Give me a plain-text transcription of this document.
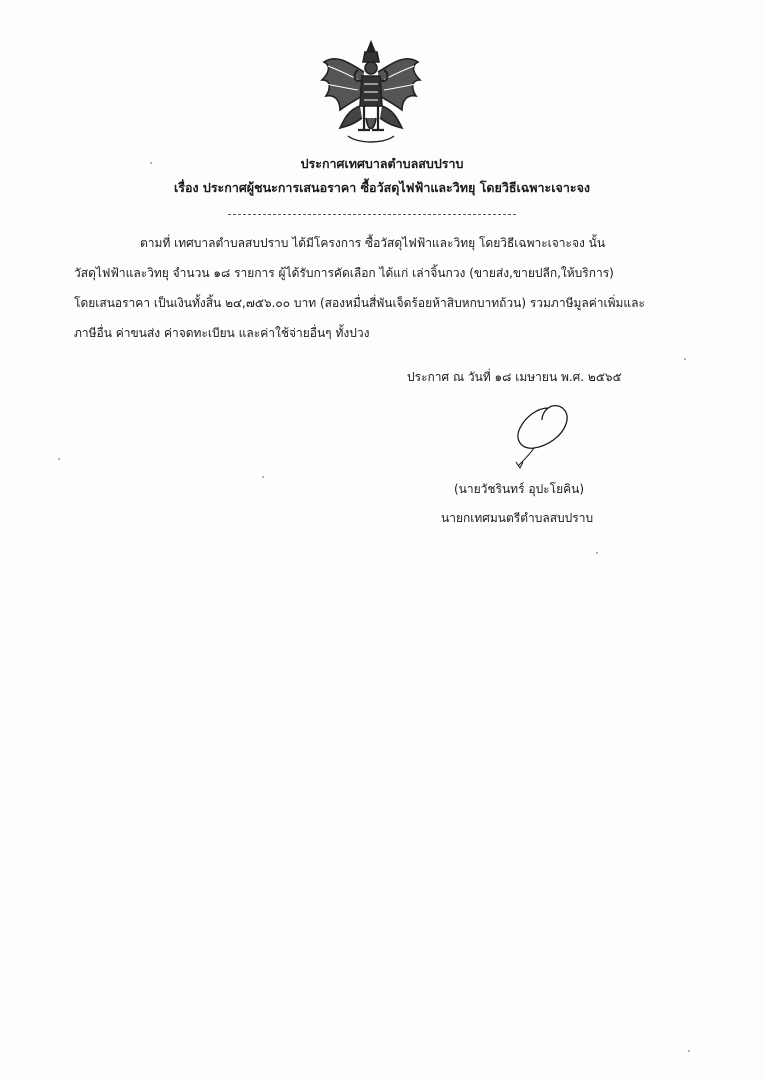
ประกาศเทศบาลตำบลสบปราบ
เรื่อง ประกาศผู้ชนะการเสนอราคา ซื้อวัสดุไฟฟ้าและวิทยุ โดยวิธีเฉพาะเจาะจง
ตามที่ เทศบาลตำบลสบปราบ ได้มีโครงการ ซื้อวัสดุไฟฟ้าและวิทยุ โดยวิธีเฉพาะเจาะจง นั้น
วัสดุไฟฟ้าและวิทยุ จำนวน ๑๘ รายการ ผู้ได้รับการคัดเลือก ได้แก่ เล่าจิ้นกวง (ขายส่ง,ขายปลีก,ให้บริการ)
โดยเสนอราคา เป็นเงินทั้งสิ้น ๒๔,๗๕๖.๐๐ บาท (สองหมื่นสี่พันเจ็ดร้อยห้าสิบหกบาทถ้วน) รวมภาษีมูลค่าเพิ่มและ
ภาษีอื่น ค่าขนส่ง ค่าจดทะเบียน และค่าใช้จ่ายอื่นๆ ทั้งปวง
ประกาศ ณ วันที่ ๑๘ เมษายน พ.ศ. ๒๕๖๕
(นายวัชรินทร์ อุปะโยคิน)
นายกเทศมนตรีตำบลสบปราบ
